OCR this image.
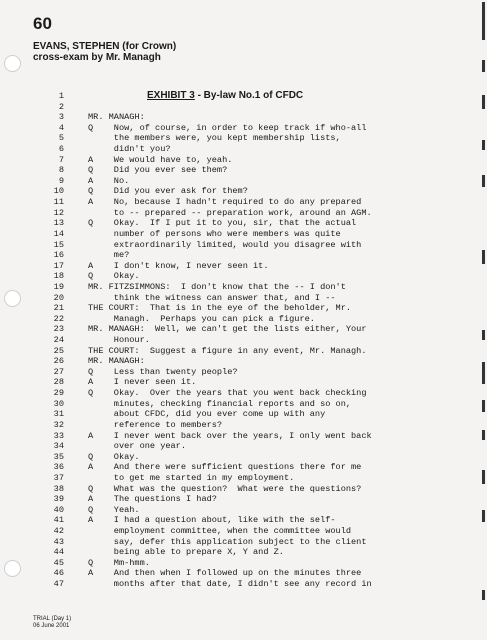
60
EVANS, STEPHEN (for Crown)
cross-exam by Mr. Managh
EXHIBIT 3 - By-law No.1 of CFDC
1
2
3	MR. MANAGH:
4	Q    Now, of course, in order to keep track if who-all
5	the members were, you kept membership lists,
6	didn't you?
7	A    We would have to, yeah.
8	Q    Did you ever see them?
9	A    No.
10	Q    Did you ever ask for them?
11	A    No, because I hadn't required to do any prepared
12	to -- prepared -- preparation work, around an AGM.
13	Q    Okay.  If I put it to you, sir, that the actual
14	number of persons who were members was quite
15	extraordinarily limited, would you disagree with
16	me?
17	A    I don't know, I never seen it.
18	Q    Okay.
19	MR. FITZSIMMONS:  I don't know that the -- I don't
20	think the witness can answer that, and I --
21	THE COURT:  That is in the eye of the beholder, Mr.
22	Managh.  Perhaps you can pick a figure.
23	MR. MANAGH:  Well, we can't get the lists either, Your
24	Honour.
25	THE COURT:  Suggest a figure in any event, Mr. Managh.
26	MR. MANAGH:
27	Q    Less than twenty people?
28	A    I never seen it.
29	Q    Okay.  Over the years that you went back checking
30	minutes, checking financial reports and so on,
31	about CFDC, did you ever come up with any
32	reference to members?
33	A    I never went back over the years, I only went back
34	over one year.
35	Q    Okay.
36	A    And there were sufficient questions there for me
37	to get me started in my employment.
38	Q    What was the question?  What were the questions?
39	A    The questions I had?
40	Q    Yeah.
41	A    I had a question about, like with the self-
42	employment committee, when the committee would
43	say, defer this application subject to the client
44	being able to prepare X, Y and Z.
45	Q    Mm-hmm.
46	A    And then when I followed up on the minutes three
47	months after that date, I didn't see any record in
TRIAL (Day 1)
06 June 2001
